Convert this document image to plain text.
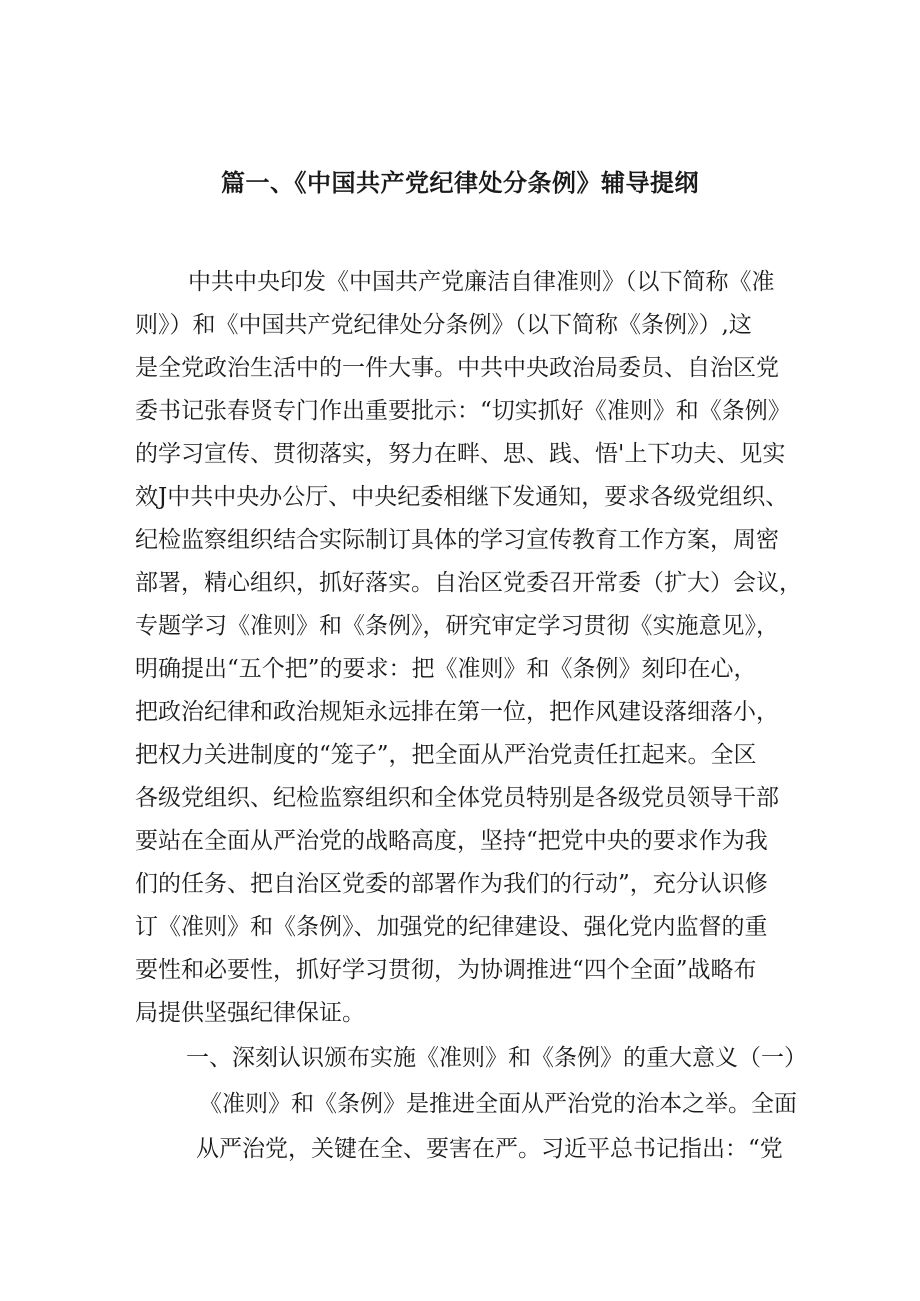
篇一、《中国共产党纪律处分条例》辅导提纲
中共中央印发《中国共产党廉洁自律准则》（以下简称《准
则》）和《中国共产党纪律处分条例》（以下简称《条例》）,这
是全党政治生活中的一件大事。中共中央政治局委员、自治区党
委书记张春贤专门作出重要批示：“切实抓好《准则》和《条例》
的学习宣传、贯彻落实，努力在畔、思、践、悟'上下功夫、见实
效J中共中央办公厅、中央纪委相继下发通知，要求各级党组织、
纪检监察组织结合实际制订具体的学习宣传教育工作方案，周密
部署，精心组织，抓好落实。自治区党委召开常委（扩大）会议，
专题学习《准则》和《条例》，研究审定学习贯彻《实施意见》，
明确提出“五个把”的要求：把《准则》和《条例》刻印在心，
把政治纪律和政治规矩永远排在第一位，把作风建设落细落小，
把权力关进制度的“笼子”，把全面从严治党责任扛起来。全区
各级党组织、纪检监察组织和全体党员特别是各级党员领导干部
要站在全面从严治党的战略高度，坚持“把党中央的要求作为我
们的任务、把自治区党委的部署作为我们的行动”，充分认识修
订《准则》和《条例》、加强党的纪律建设、强化党内监督的重
要性和必要性，抓好学习贯彻，为协调推进“四个全面”战略布
局提供坚强纪律保证。
一、深刻认识颁布实施《准则》和《条例》的重大意义（一）
《准则》和《条例》是推进全面从严治党的治本之举。全面
从严治党，关键在全、要害在严。习近平总书记指出：“党
